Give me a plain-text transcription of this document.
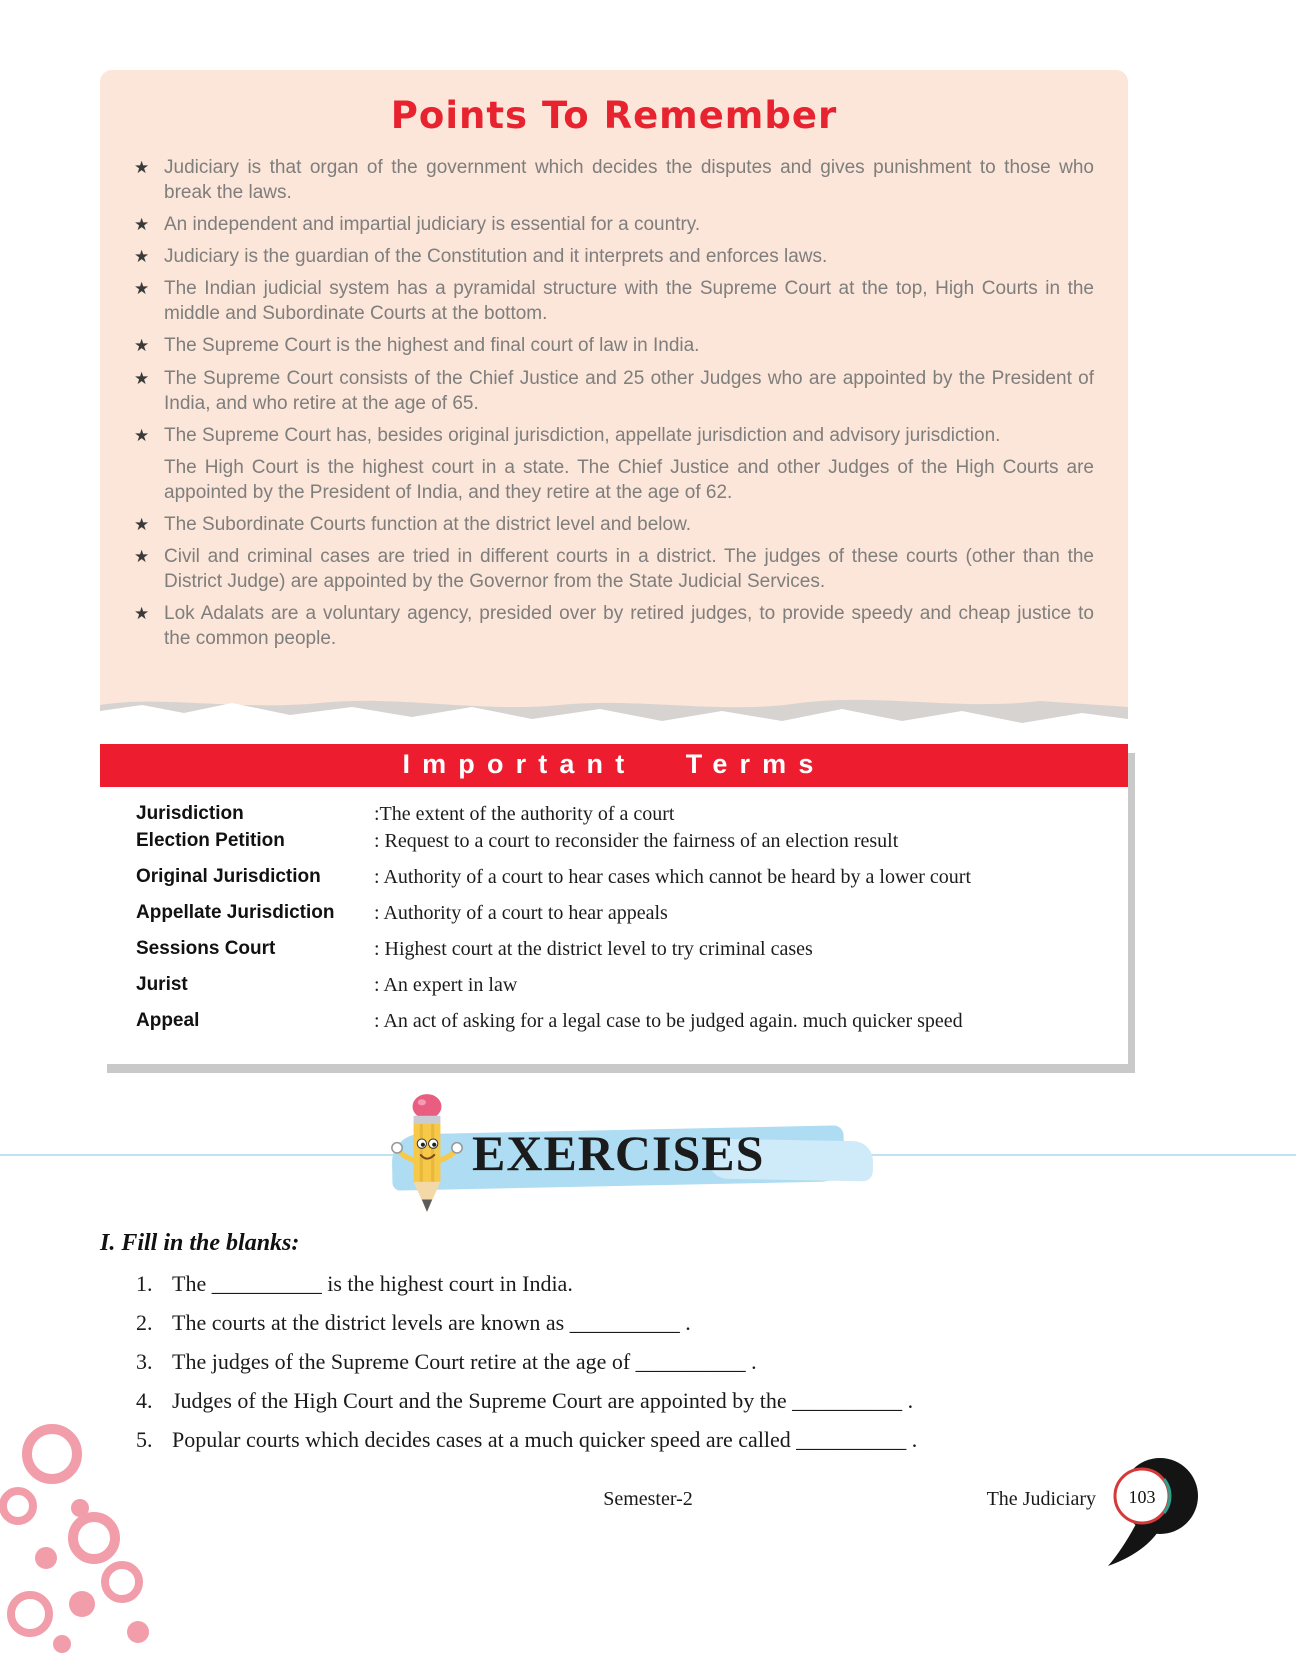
Points To Remember
★ Judiciary is that organ of the government which decides the disputes and gives punishment to those who break the laws.
★ An independent and impartial judiciary is essential for a country.
★ Judiciary is the guardian of the Constitution and it interprets and enforces laws.
★ The Indian judicial system has a pyramidal structure with the Supreme Court at the top, High Courts in the middle and Subordinate Courts at the bottom.
★ The Supreme Court is the highest and final court of law in India.
★ The Supreme Court consists of the Chief Justice and 25 other Judges who are appointed by the President of India, and who retire at the age of 65.
★ The Supreme Court has, besides original jurisdiction, appellate jurisdiction and advisory jurisdiction.
The High Court is the highest court in a state. The Chief Justice and other Judges of the High Courts are appointed by the President of India, and they retire at the age of 62.
★ The Subordinate Courts function at the district level and below.
★ Civil and criminal cases are tried in different courts in a district. The judges of these courts (other than the District Judge) are appointed by the Governor from the State Judicial Services.
★ Lok Adalats are a voluntary agency, presided over by retired judges, to provide speedy and cheap justice to the common people.
Important Terms
Jurisdiction	:The extent of the authority of a court
Election Petition	: Request to a court to reconsider the fairness of an election result
Original Jurisdiction	: Authority of a court to hear cases which cannot be heard by a lower court
Appellate Jurisdiction	: Authority of a court to hear appeals
Sessions Court	: Highest court at the district level to try criminal cases
Jurist	: An expert in law
Appeal	: An act of asking for a legal case to be judged again. much quicker speed
EXERCISES
I. Fill in the blanks:
1. The __________ is the highest court in India.
2. The courts at the district levels are known as __________ .
3. The judges of the Supreme Court retire at the age of __________ .
4. Judges of the High Court and the Supreme Court are appointed by the __________ .
5. Popular courts which decides cases at a much quicker speed are called __________ .
Semester-2	The Judiciary 103
